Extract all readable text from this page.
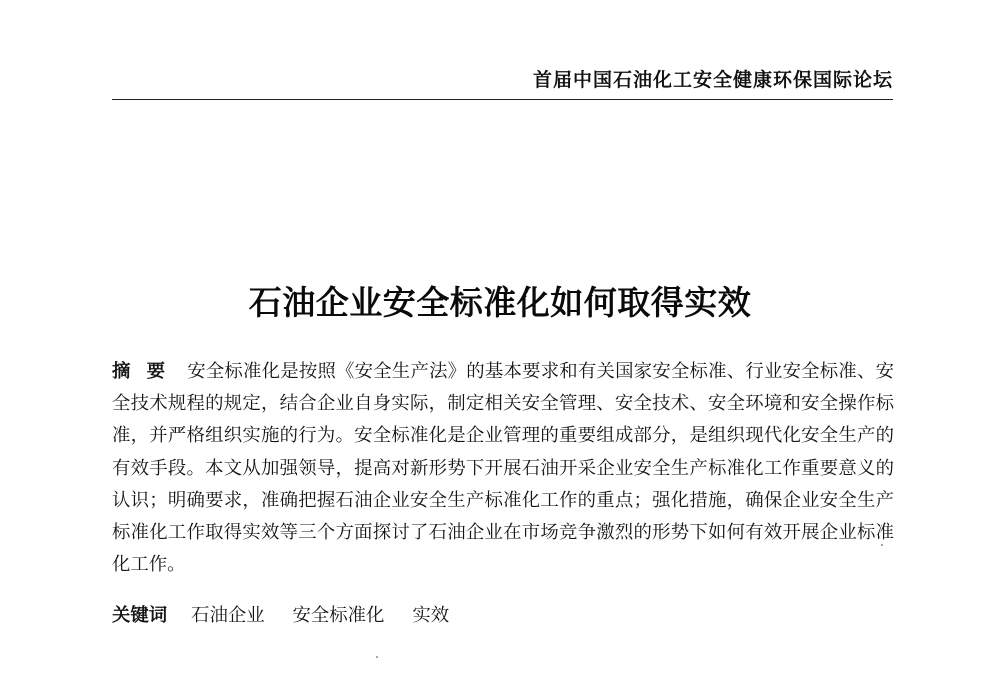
首届中国石油化工安全健康环保国际论坛
石油企业安全标准化如何取得实效
摘要 安全标准化是按照《安全生产法》的基本要求和有关国家安全标准、行业安全标准、安全技术规程的规定，结合企业自身实际，制定相关安全管理、安全技术、安全环境和安全操作标准，并严格组织实施的行为。安全标准化是企业管理的重要组成部分，是组织现代化安全生产的有效手段。本文从加强领导，提高对新形势下开展石油开采企业安全生产标准化工作重要意义的认识；明确要求，准确把握石油企业安全生产标准化工作的重点；强化措施，确保企业安全生产标准化工作取得实效等三个方面探讨了石油企业在市场竞争激烈的形势下如何有效开展企业标准化工作。
关键词 石油企业 安全标准化 实效
